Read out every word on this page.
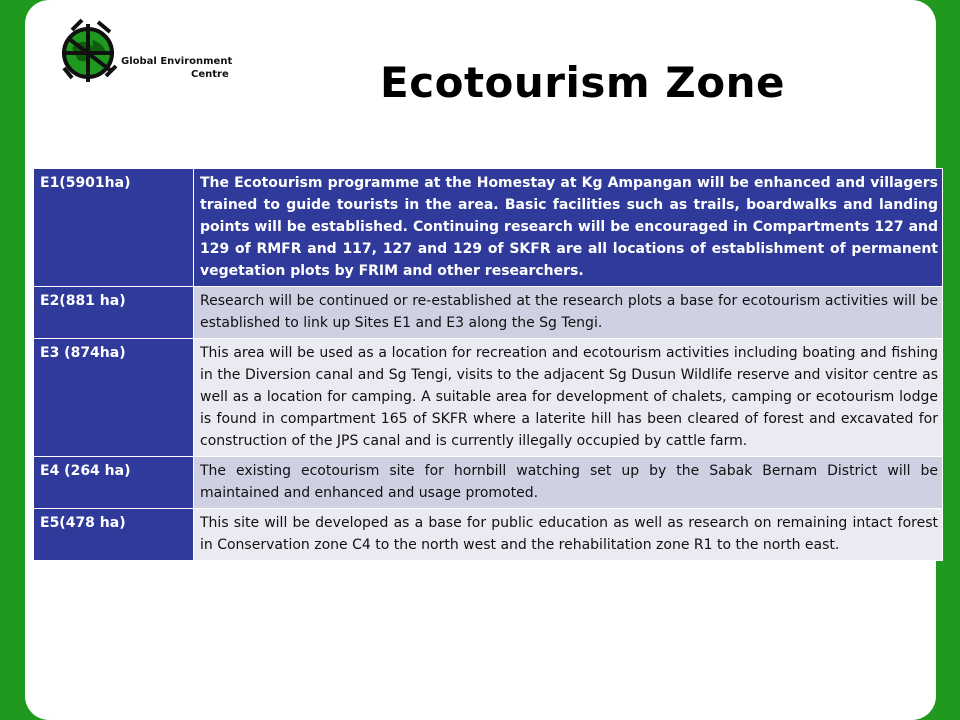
Global Environment
Centre	Ecotourism Zone
E1(5901ha)	The Ecotourism programme at the Homestay at Kg Ampangan will be enhanced and villagers trained to guide tourists in the area. Basic facilities such as trails, boardwalks and landing points will be established. Continuing research will be encouraged in Compartments 127 and 129 of RMFR and 117, 127 and 129 of SKFR are all locations of establishment of permanent vegetation plots by FRIM and other researchers.
E2(881 ha)	Research will be continued or re-established at the research plots a base for ecotourism activities will be established to link up Sites E1 and E3 along the Sg Tengi.
E3 (874ha)	This area will be used as a location for recreation and ecotourism activities including boating and fishing in the Diversion canal and Sg Tengi, visits to the adjacent Sg Dusun Wildlife reserve and visitor centre as well as a location for camping. A suitable area for development of chalets, camping or ecotourism lodge is found in compartment 165 of SKFR where a laterite hill has been cleared of forest and excavated for construction of the JPS canal and is currently illegally occupied by cattle farm.
E4 (264 ha)	The existing ecotourism site for hornbill watching set up by the Sabak Bernam District will be maintained and enhanced and usage promoted.
E5(478 ha)	This site will be developed as a base for public education as well as research on remaining intact forest in Conservation zone C4 to the north west and the rehabilitation zone R1 to the north east.
